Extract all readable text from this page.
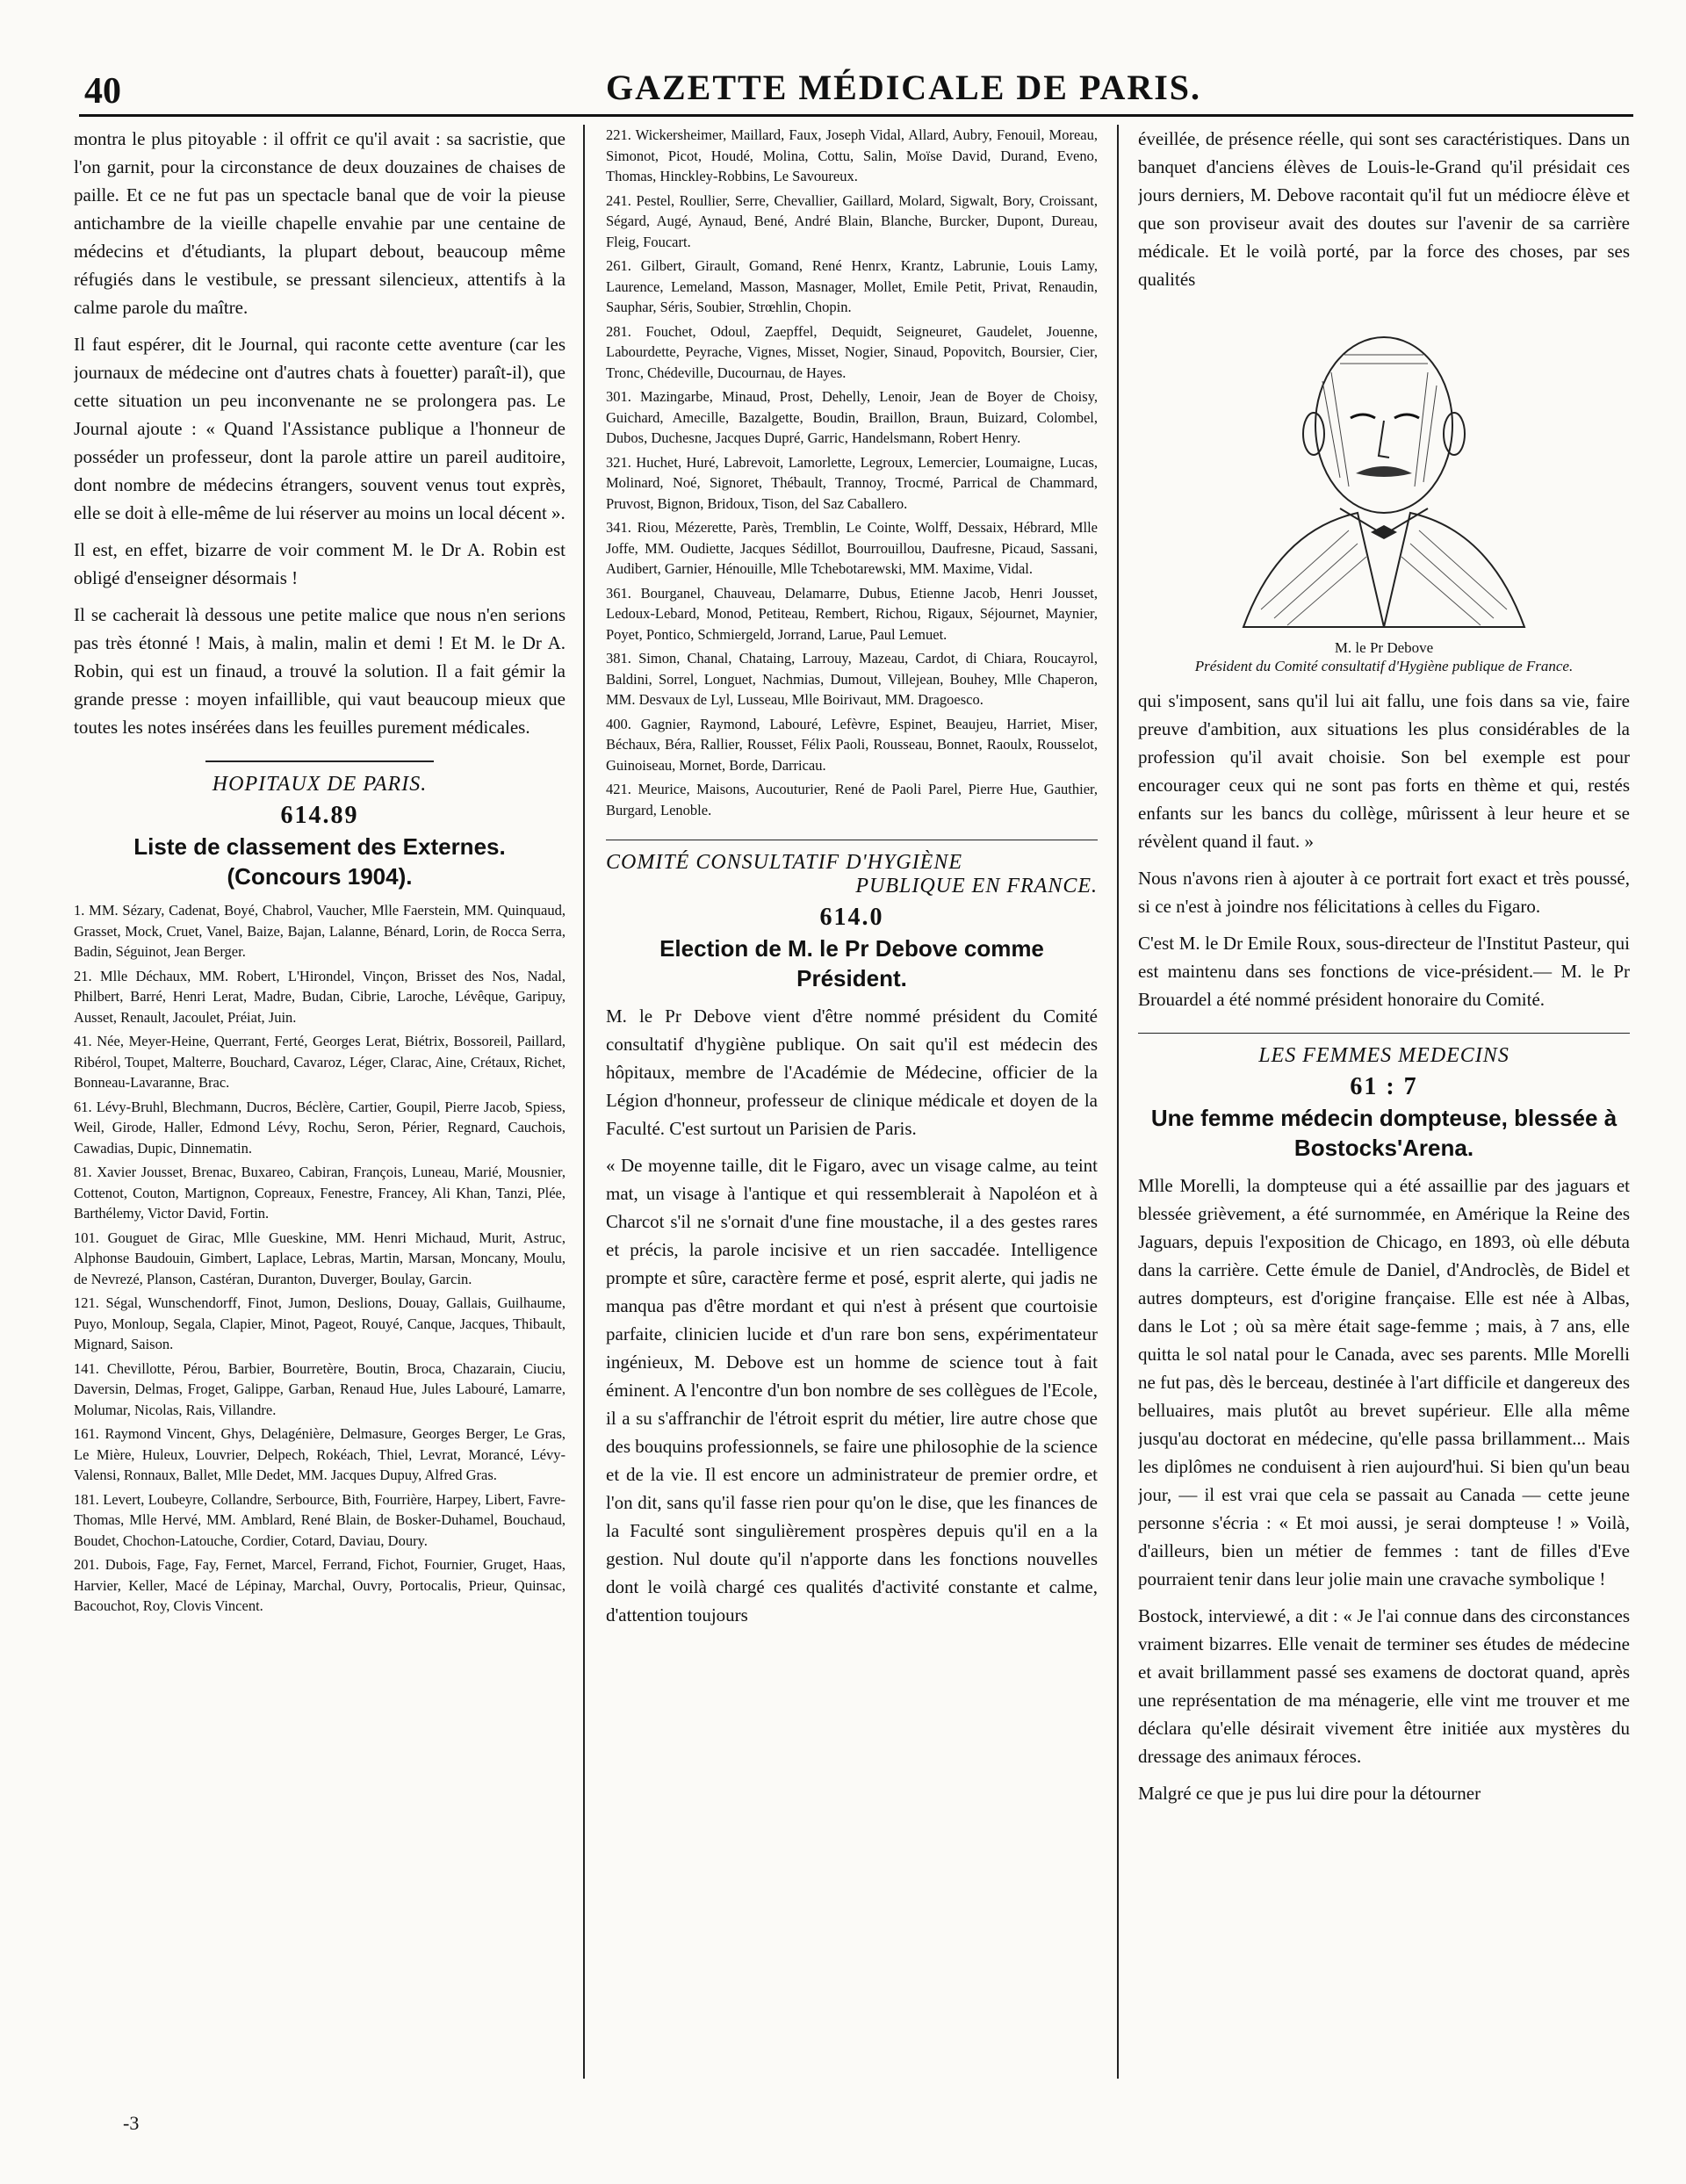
40	GAZETTE MÉDICALE DE PARIS.

montra le plus pitoyable : il offrit ce qu'il avait : sa sacristie, que l'on garnit, pour la circonstance de deux douzaines de chaises de paille. Et ce ne fut pas un spectacle banal que de voir la pieuse antichambre de la vieille chapelle envahie par une centaine de médecins et d'étudiants, la plupart debout, beaucoup même réfugiés dans le vestibule, se pressant silencieux, attentifs à la calme parole du maître.

Il faut espérer, dit le Journal, qui raconte cette aventure (car les journaux de médecine ont d'autres chats à fouetter) paraît-il), que cette situation un peu inconvenante ne se prolongera pas. Le Journal ajoute : « Quand l'Assistance publique a l'honneur de posséder un professeur, dont la parole attire un pareil auditoire, dont nombre de médecins étrangers, souvent venus tout exprès, elle se doit à elle-même de lui réserver au moins un local décent ».

Il est, en effet, bizarre de voir comment M. le Dr A. Robin est obligé d'enseigner désormais !

Il se cacherait là dessous une petite malice que nous n'en serions pas très étonné ! Mais, à malin, malin et demi ! Et M. le Dr A. Robin, qui est un finaud, a trouvé la solution. Il a fait gémir la grande presse : moyen infaillible, qui vaut beaucoup mieux que toutes les notes insérées dans les feuilles purement médicales.

HOPITAUX DE PARIS.
614.89
Liste de classement des Externes. (Concours 1904).

1. MM. Sézary, Cadenat, Boyé, Chabrol, Vaucher, Mlle Faerstein, MM. Quinquaud, Grasset, Mock, Cruet, Vanel, Baize, Bajan, Lalanne, Bénard, Lorin, de Rocca Serra, Badin, Séguinot, Jean Berger.

21. Mlle Déchaux, MM. Robert, L'Hirondel, Vinçon, Brisset des Nos, Nadal, Philbert, Barré, Henri Lerat, Madre, Budan, Cibrie, Laroche, Lévêque, Garipuy, Ausset, Renault, Jacoulet, Préiat, Juin.

41. Née, Meyer-Heine, Querrant, Ferté, Georges Lerat, Biétrix, Bossoreil, Paillard, Ribérol, Toupet, Malterre, Bouchard, Cavaroz, Léger, Clarac, Aine, Crétaux, Richet, Bonneau-Lavaranne, Brac.

61. Lévy-Bruhl, Blechmann, Ducros, Béclère, Cartier, Goupil, Pierre Jacob, Spiess, Weil, Girode, Haller, Edmond Lévy, Rochu, Seron, Périer, Regnard, Cauchois, Cawadias, Dupic, Dinnematin.

81. Xavier Jousset, Brenac, Buxareo, Cabiran, François, Luneau, Marié, Mousnier, Cottenot, Couton, Martignon, Copreaux, Fenestre, Francey, Ali Khan, Tanzi, Plée, Barthélemy, Victor David, Fortin.

101. Gouguet de Girac, Mlle Gueskine, MM. Henri Michaud, Murit, Astruc, Alphonse Baudouin, Gimbert, Laplace, Lebras, Martin, Marsan, Moncany, Moulu, de Nevrezé, Planson, Castéran, Duranton, Duverger, Boulay, Garcin.

121. Ségal, Wunschendorff, Finot, Jumon, Deslions, Douay, Gallais, Guilhaume, Puyo, Monloup, Segala, Clapier, Minot, Pageot, Rouyé, Canque, Jacques, Thibault, Mignard, Saison.

141. Chevillotte, Pérou, Barbier, Bourretère, Boutin, Broca, Chazarain, Ciuciu, Daversin, Delmas, Froget, Galippe, Garban, Renaud Hue, Jules Labouré, Lamarre, Molumar, Nicolas, Rais, Villandre.

161. Raymond Vincent, Ghys, Delagénière, Delmasure, Georges Berger, Le Gras, Le Mière, Huleux, Louvrier, Delpech, Rokéach, Thiel, Levrat, Morancé, Lévy-Valensi, Ronnaux, Ballet, Mlle Dedet, MM. Jacques Dupuy, Alfred Gras.

181. Levert, Loubeyre, Collandre, Serbource, Bith, Fourrière, Harpey, Libert, Favre-Thomas, Mlle Hervé, MM. Amblard, René Blain, de Bosker-Duhamel, Bouchaud, Boudet, Chochon-Latouche, Cordier, Cotard, Daviau, Doury.

201. Dubois, Fage, Fay, Fernet, Marcel, Ferrand, Fichot, Fournier, Gruget, Haas, Harvier, Keller, Macé de Lépinay, Marchal, Ouvry, Portocalis, Prieur, Quinsac, Bacouchot, Roy, Clovis Vincent.

221. Wickersheimer, Maillard, Faux, Joseph Vidal, Allard, Aubry, Fenouil, Moreau, Simonot, Picot, Houdé, Molina, Cottu, Salin, Moïse David, Durand, Eveno, Thomas, Hinckley-Robbins, Le Savoureux.

241. Pestel, Roullier, Serre, Chevallier, Gaillard, Molard, Sigwalt, Bory, Croissant, Ségard, Augé, Aynaud, Bené, André Blain, Blanche, Burcker, Dupont, Dureau, Fleig, Foucart.

261. Gilbert, Girault, Gomand, René Henrx, Krantz, Labrunie, Louis Lamy, Laurence, Lemeland, Masson, Masnager, Mollet, Emile Petit, Privat, Renaudin, Sauphar, Séris, Soubier, Strœhlin, Chopin.

281. Fouchet, Odoul, Zaepffel, Dequidt, Seigneuret, Gaudelet, Jouenne, Labourdette, Peyrache, Vignes, Misset, Nogier, Sinaud, Popovitch, Boursier, Cier, Tronc, Chédeville, Ducournau, de Hayes.

301. Mazingarbe, Minaud, Prost, Dehelly, Lenoir, Jean de Boyer de Choisy, Guichard, Amecille, Bazalgette, Boudin, Braillon, Braun, Buizard, Colombel, Dubos, Duchesne, Jacques Dupré, Garric, Handelsmann, Robert Henry.

321. Huchet, Huré, Labrevoit, Lamorlette, Legroux, Lemercier, Loumaigne, Lucas, Molinard, Noé, Signoret, Thébault, Trannoy, Trocmé, Parrical de Chammard, Pruvost, Bignon, Bridoux, Tison, del Saz Caballero.

341. Riou, Mézerette, Parès, Tremblin, Le Cointe, Wolff, Dessaix, Hébrard, Mlle Joffe, MM. Oudiette, Jacques Sédillot, Bourrouillou, Daufresne, Picaud, Sassani, Audibert, Garnier, Hénouille, Mlle Tchebotarewski, MM. Maxime, Vidal.

361. Bourganel, Chauveau, Delamarre, Dubus, Etienne Jacob, Henri Jousset, Ledoux-Lebard, Monod, Petiteau, Rembert, Richou, Rigaux, Séjournet, Maynier, Poyet, Pontico, Schmiergeld, Jorrand, Larue, Paul Lemuet.

381. Simon, Chanal, Chataing, Larrouy, Mazeau, Cardot, di Chiara, Roucayrol, Baldini, Sorrel, Longuet, Nachmias, Dumout, Villejean, Bouhey, Mlle Chaperon, MM. Desvaux de Lyl, Lusseau, Mlle Boirivaut, MM. Dragoesco.

400. Gagnier, Raymond, Labouré, Lefèvre, Espinet, Beaujeu, Harriet, Miser, Béchaux, Béra, Rallier, Rousset, Félix Paoli, Rousseau, Bonnet, Raoulx, Rousselot, Guinoiseau, Mornet, Borde, Darricau.

421. Meurice, Maisons, Aucouturier, René de Paoli Parel, Pierre Hue, Gauthier, Burgard, Lenoble.

COMITÉ CONSULTATIF D'HYGIÈNE
PUBLIQUE EN FRANCE.
614.0
Election de M. le Pr Debove comme Président.

M. le Pr Debove vient d'être nommé président du Comité consultatif d'hygiène publique. On sait qu'il est médecin des hôpitaux, membre de l'Académie de Médecine, officier de la Légion d'honneur, professeur de clinique médicale et doyen de la Faculté. C'est surtout un Parisien de Paris.

« De moyenne taille, dit le Figaro, avec un visage calme, au teint mat, un visage à l'antique et qui ressemblerait à Napoléon et à Charcot s'il ne s'ornait d'une fine moustache, il a des gestes rares et précis, la parole incisive et un rien saccadée. Intelligence prompte et sûre, caractère ferme et posé, esprit alerte, qui jadis ne manqua pas d'être mordant et qui n'est à présent que courtoisie parfaite, clinicien lucide et d'un rare bon sens, expérimentateur ingénieux, M. Debove est un homme de science tout à fait éminent. A l'encontre d'un bon nombre de ses collègues de l'Ecole, il a su s'affranchir de l'étroit esprit du métier, lire autre chose que des bouquins professionnels, se faire une philosophie de la science et de la vie. Il est encore un administrateur de premier ordre, et l'on dit, sans qu'il fasse rien pour qu'on le dise, que les finances de la Faculté sont singulièrement prospères depuis qu'il en a la gestion. Nul doute qu'il n'apporte dans les fonctions nouvelles dont le voilà chargé ces qualités d'activité constante et calme, d'attention toujours

éveillée, de présence réelle, qui sont ses caractéristiques. Dans un banquet d'anciens élèves de Louis-le-Grand qu'il présidait ces jours derniers, M. Debove racontait qu'il fut un médiocre élève et que son proviseur avait des doutes sur l'avenir de sa carrière médicale. Et le voilà porté, par la force des choses, par ses qualités

M. le Pr Debove
Président du Comité consultatif d'Hygiène publique de France.

qui s'imposent, sans qu'il lui ait fallu, une fois dans sa vie, faire preuve d'ambition, aux situations les plus considérables de la profession qu'il avait choisie. Son bel exemple est pour encourager ceux qui ne sont pas forts en thème et qui, restés enfants sur les bancs du collège, mûrissent à leur heure et se révèlent quand il faut. »

Nous n'avons rien à ajouter à ce portrait fort exact et très poussé, si ce n'est à joindre nos félicitations à celles du Figaro.

C'est M. le Dr Emile Roux, sous-directeur de l'Institut Pasteur, qui est maintenu dans ses fonctions de vice-président.— M. le Pr Brouardel a été nommé président honoraire du Comité.

LES FEMMES MEDECINS
61 : 7
Une femme médecin dompteuse, blessée à Bostocks'Arena.

Mlle Morelli, la dompteuse qui a été assaillie par des jaguars et blessée grièvement, a été surnommée, en Amérique la Reine des Jaguars, depuis l'exposition de Chicago, en 1893, où elle débuta dans la carrière. Cette émule de Daniel, d'Androclès, de Bidel et autres dompteurs, est d'origine française. Elle est née à Albas, dans le Lot ; où sa mère était sage-femme ; mais, à 7 ans, elle quitta le sol natal pour le Canada, avec ses parents. Mlle Morelli ne fut pas, dès le berceau, destinée à l'art difficile et dangereux des belluaires, mais plutôt au brevet supérieur. Elle alla même jusqu'au doctorat en médecine, qu'elle passa brillamment... Mais les diplômes ne conduisent à rien aujourd'hui. Si bien qu'un beau jour, — il est vrai que cela se passait au Canada — cette jeune personne s'écria : « Et moi aussi, je serai dompteuse ! » Voilà, d'ailleurs, bien un métier de femmes : tant de filles d'Eve pourraient tenir dans leur jolie main une cravache symbolique !

Bostock, interviewé, a dit : « Je l'ai connue dans des circonstances vraiment bizarres. Elle venait de terminer ses études de médecine et avait brillamment passé ses examens de doctorat quand, après une représentation de ma ménagerie, elle vint me trouver et me déclara qu'elle désirait vivement être initiée aux mystères du dressage des animaux féroces.

Malgré ce que je pus lui dire pour la détourner

-3
